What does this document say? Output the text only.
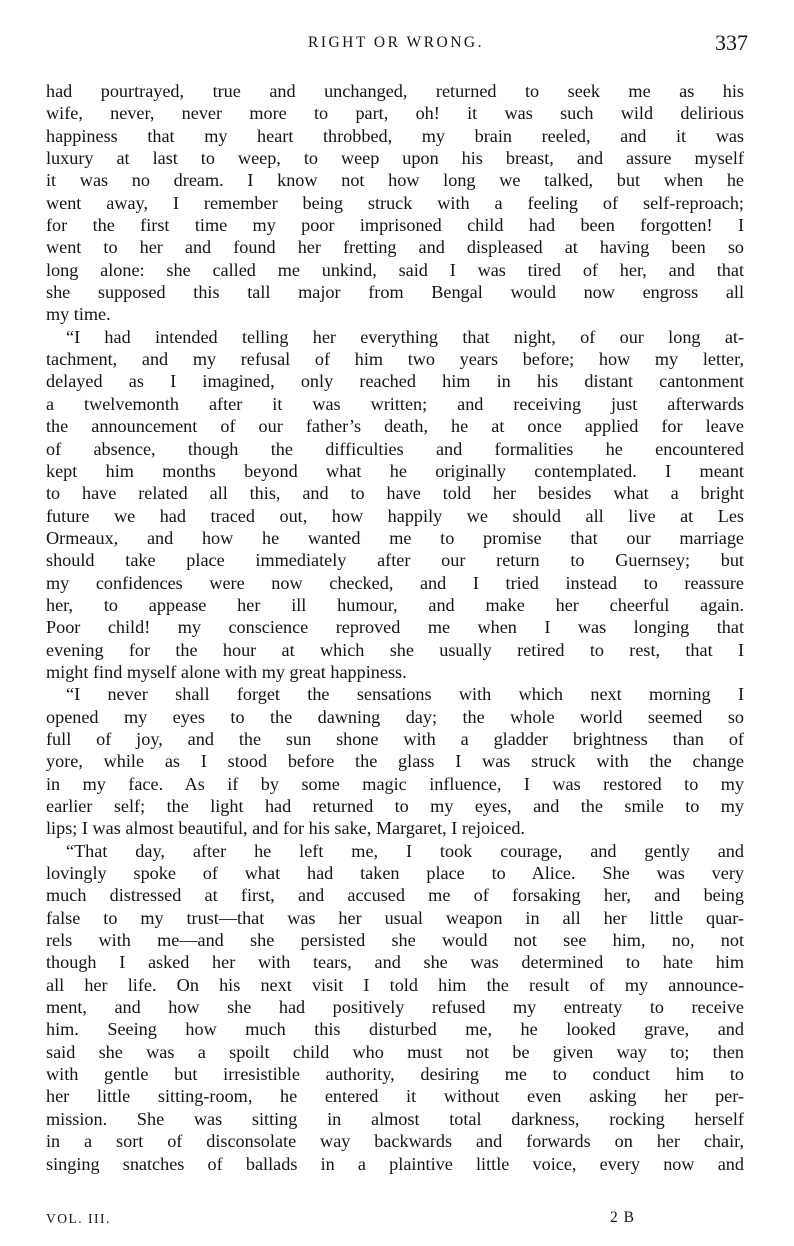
RIGHT OR WRONG.	337
had pourtrayed, true and unchanged, returned to seek me as his
wife, never, never more to part, oh! it was such wild delirious
happiness that my heart throbbed, my brain reeled, and it was
luxury at last to weep, to weep upon his breast, and assure myself
it was no dream. I know not how long we talked, but when he
went away, I remember being struck with a feeling of self-reproach;
for the first time my poor imprisoned child had been forgotten! I
went to her and found her fretting and displeased at having been so
long alone: she called me unkind, said I was tired of her, and that
she supposed this tall major from Bengal would now engross all
my time.
“I had intended telling her everything that night, of our long at-
tachment, and my refusal of him two years before; how my letter,
delayed as I imagined, only reached him in his distant cantonment
a twelvemonth after it was written; and receiving just afterwards
the announcement of our father’s death, he at once applied for leave
of absence, though the difficulties and formalities he encountered
kept him months beyond what he originally contemplated. I meant
to have related all this, and to have told her besides what a bright
future we had traced out, how happily we should all live at Les
Ormeaux, and how he wanted me to promise that our marriage
should take place immediately after our return to Guernsey; but
my confidences were now checked, and I tried instead to reassure
her, to appease her ill humour, and make her cheerful again.
Poor child! my conscience reproved me when I was longing that
evening for the hour at which she usually retired to rest, that I
might find myself alone with my great happiness.
“I never shall forget the sensations with which next morning I
opened my eyes to the dawning day; the whole world seemed so
full of joy, and the sun shone with a gladder brightness than of
yore, while as I stood before the glass I was struck with the change
in my face. As if by some magic influence, I was restored to my
earlier self; the light had returned to my eyes, and the smile to my
lips; I was almost beautiful, and for his sake, Margaret, I rejoiced.
“That day, after he left me, I took courage, and gently and
lovingly spoke of what had taken place to Alice. She was very
much distressed at first, and accused me of forsaking her, and being
false to my trust—that was her usual weapon in all her little quar-
rels with me—and she persisted she would not see him, no, not
though I asked her with tears, and she was determined to hate him
all her life. On his next visit I told him the result of my announce-
ment, and how she had positively refused my entreaty to receive
him. Seeing how much this disturbed me, he looked grave, and
said she was a spoilt child who must not be given way to; then
with gentle but irresistible authority, desiring me to conduct him to
her little sitting-room, he entered it without even asking her per-
mission. She was sitting in almost total darkness, rocking herself
in a sort of disconsolate way backwards and forwards on her chair,
singing snatches of ballads in a plaintive little voice, every now and
VOL. III.	2 B
